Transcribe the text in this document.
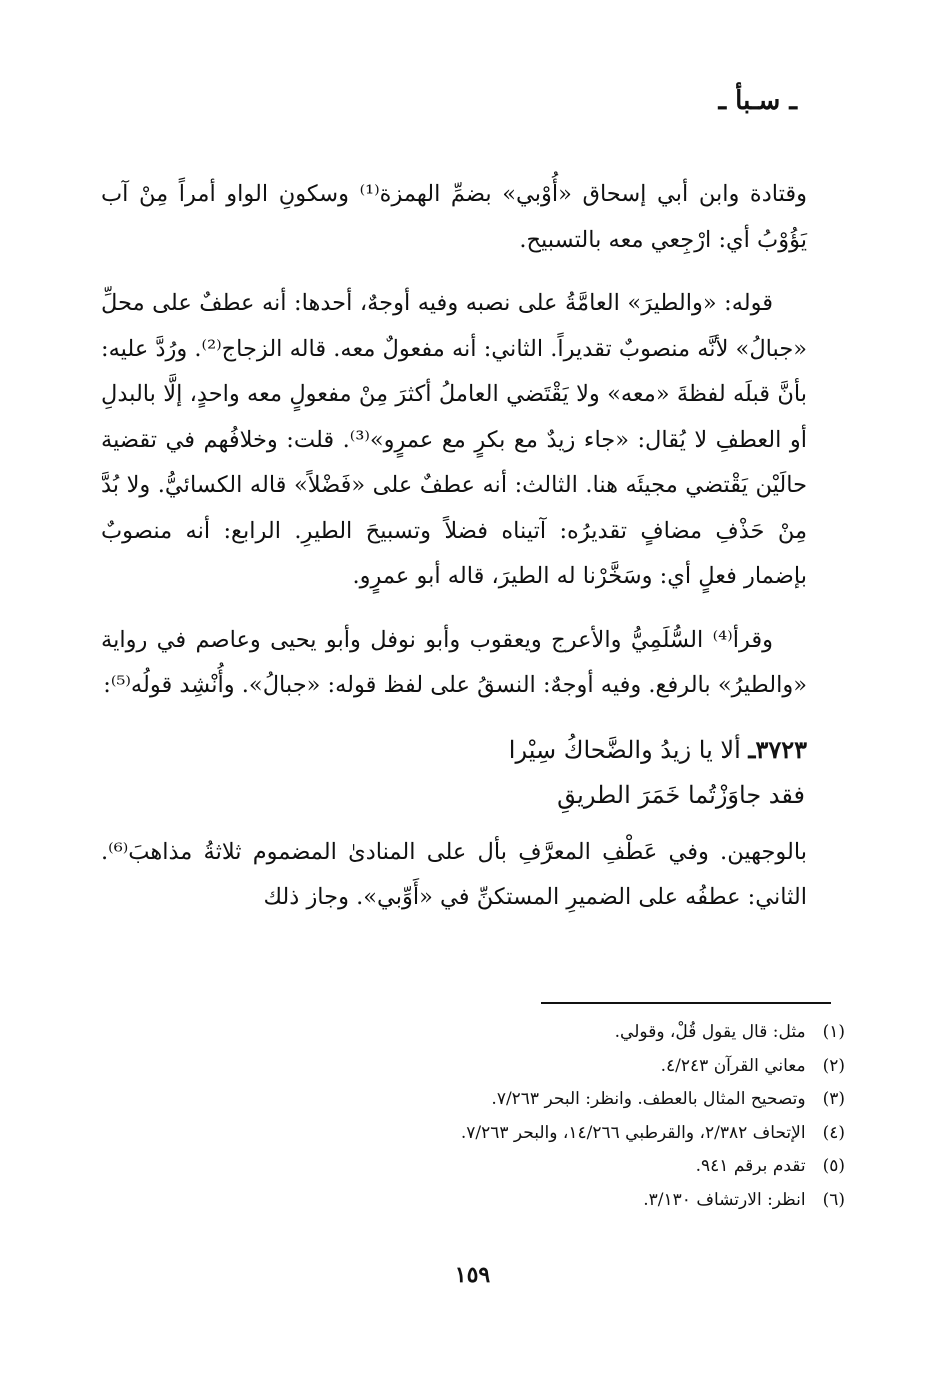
ـ سـبأ ـ

وقتادة وابن أبي إسحاق «أُوْبي» بضمِّ الهمزة⁽¹⁾ وسكونِ الواو أمراً مِنْ آب يَؤُوْبُ أي: ارْجِعي معه بالتسبيح.

قوله: «والطيرَ» العامَّةُ على نصبه وفيه أوجهٌ، أحدها: أنه عطفٌ على محلِّ «جبالُ» لأنَّه منصوبٌ تقديراً. الثاني: أنه مفعولٌ معه. قاله الزجاج⁽²⁾. ورُدَّ عليه: بأنَّ قبلَه لفظةَ «معه» ولا يَقْتَضي العاملُ أكثرَ مِنْ مفعولٍ معه واحدٍ، إلَّا بالبدلِ أو العطفِ لا يُقال: «جاء زيدٌ مع بكرٍ مع عمرٍو»⁽³⁾. قلت: وخلافُهم في تقضية حالَيْن يَقْتضي مجيئَه هنا. الثالث: أنه عطفٌ على «فَضْلاً» قاله الكسائيُّ. ولا بُدَّ مِنْ حَذْفِ مضافٍ تقديرُه: آتيناه فضلاً وتسبيحَ الطيرِ. الرابع: أنه منصوبٌ بإضمار فعلٍ أي: وسَخَّرْنا له الطيرَ، قاله أبو عمرٍو.

وقرأ⁽⁴⁾ السُّلَمِيُّ والأعرج ويعقوب وأبو نوفل وأبو يحيى وعاصم في رواية «والطيرُ» بالرفع. وفيه أوجهٌ: النسقُ على لفظ قوله: «جبالُ». وأُنْشِد قولُه⁽⁵⁾:

٣٧٢٣ـ ألا يا زيدُ والضَّحاكُ سِيْرا
فقد جاوَزْتُما خَمَرَ الطريقِ

بالوجهين. وفي عَطْفِ المعرَّفِ بأل على المنادىٰ المضموم ثلاثةُ مذاهبَ⁽⁶⁾. الثاني: عطفُه على الضميرِ المستكنِّ في «أَوِّبي». وجاز ذلك

(١) مثل: قال يقول قُلْ، وقولي.
(٢) معاني القرآن ٤/٢٤٣.
(٣) وتصحيح المثال بالعطف. وانظر: البحر ٧/٢٦٣.
(٤) الإتحاف ٢/٣٨٢، والقرطبي ١٤/٢٦٦، والبحر ٧/٢٦٣.
(٥) تقدم برقم ٩٤١.
(٦) انظر: الارتشاف ٣/١٣٠.
١٥٩
